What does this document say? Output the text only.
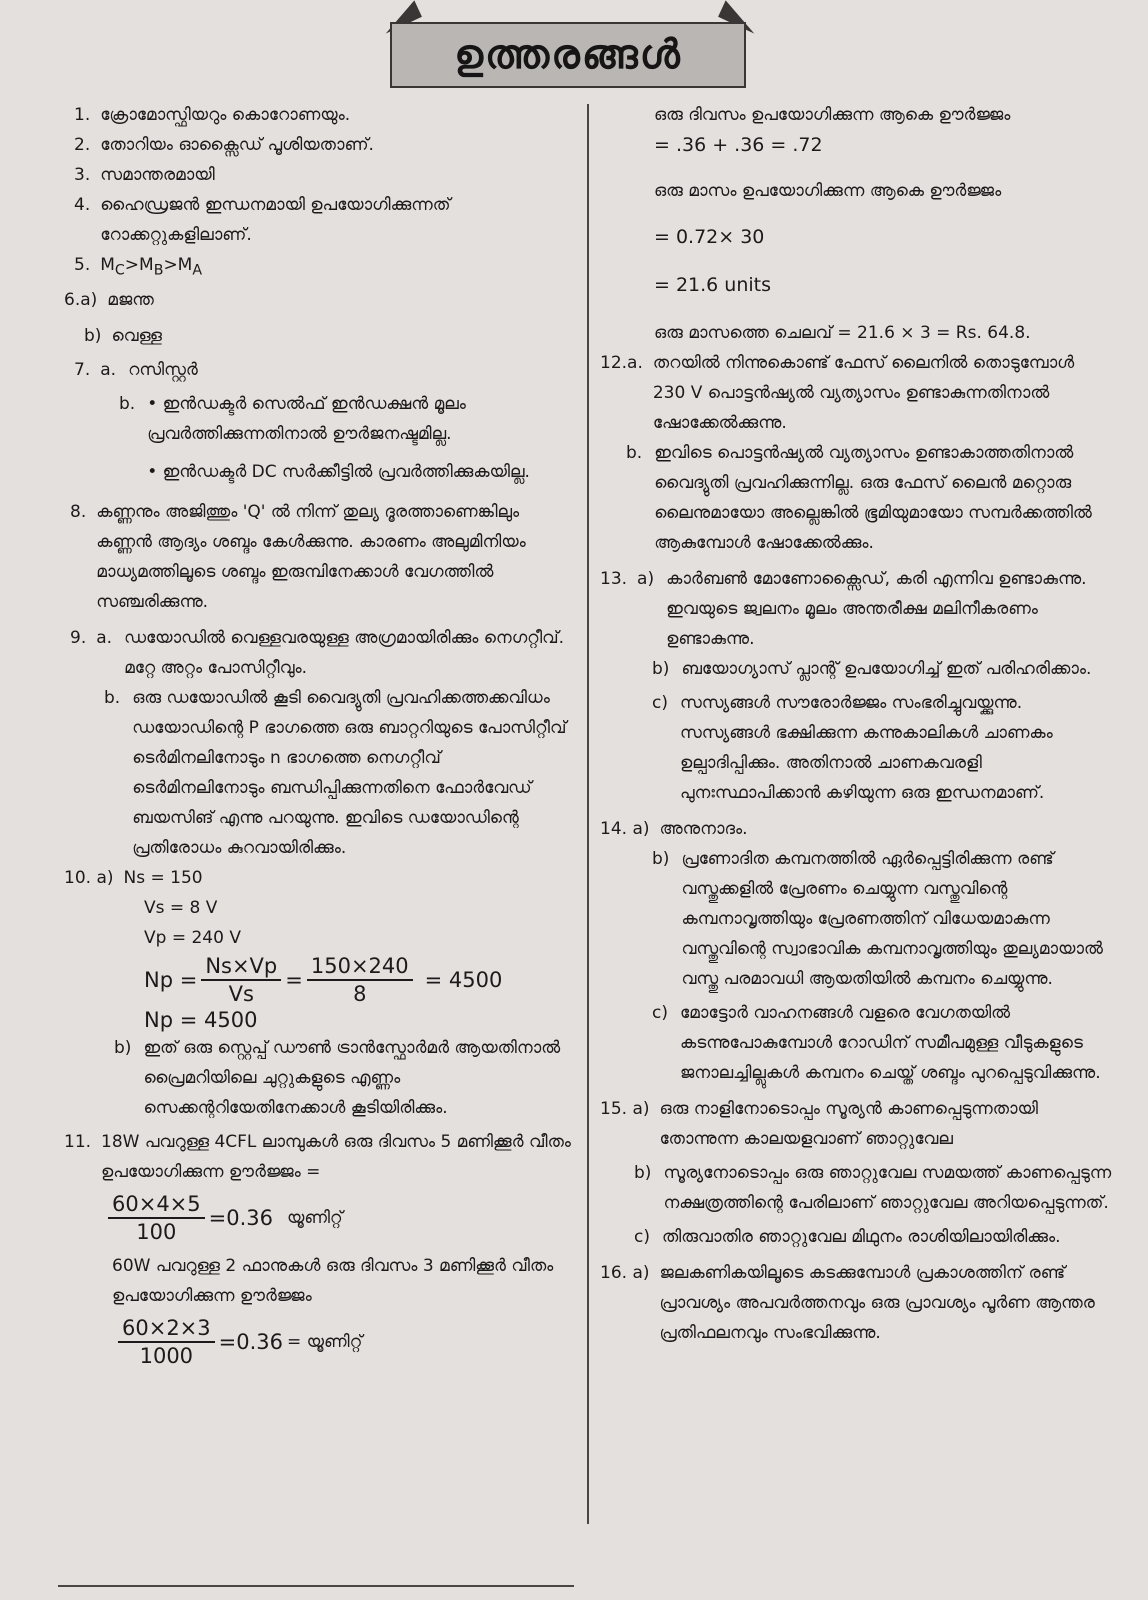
ഉത്തരങ്ങൾ
1. ക്രോമോസ്ഫിയറും കൊറോണയും.
2. തോറിയം ഓക്സൈഡ് പൂശിയതാണ്.
3. സമാന്തരമായി
4. ഹൈഡ്രജൻ ഇന്ധനമായി ഉപയോഗിക്കുന്നത് റോക്കറ്റുകളിലാണ്.
5. $M_C>M_B>M_A$
6.a) മജന്ത
b) വെള്ള
7. a. റസിസ്റ്റർ
b. • ഇൻഡക്ടർ സെൽഫ് ഇൻഡക്ഷൻ മൂലം പ്രവർത്തിക്കുന്നതിനാൽ ഊർജനഷ്ടമില്ല.

• ഇൻഡക്ടർ DC സർക്കീട്ടിൽ പ്രവർത്തിക്കുകയില്ല.

8. കണ്ണനും അജിത്തും 'Q' ൽ നിന്ന് തുല്യ ദൂരത്താണെങ്കിലും കണ്ണൻ ആദ്യം ശബ്ദം കേൾക്കുന്നു. കാരണം അലുമിനിയം മാധ്യമത്തിലൂടെ ശബ്ദം ഇരുമ്പിനേക്കാൾ വേഗത്തിൽ സഞ്ചരിക്കുന്നു.
9. a. ഡയോഡിൽ വെള്ളവരയുള്ള അഗ്രമായിരിക്കും നെഗറ്റീവ്. മറ്റേ അറ്റം പോസിറ്റീവും.
b. ഒരു ഡയോഡിൽ കൂടി വൈദ്യുതി പ്രവഹിക്കത്തക്കവിധം ഡയോഡിന്റെ P ഭാഗത്തെ ഒരു ബാറ്ററിയുടെ പോസിറ്റീവ് ടെർമിനലിനോടും n ഭാഗത്തെ നെഗറ്റീവ് ടെർമിനലിനോടും ബന്ധിപ്പിക്കുന്നതിനെ ഫോർവേഡ് ബയസിങ് എന്നു പറയുന്നു. ഇവിടെ ഡയോഡിന്റെ പ്രതിരോധം കുറവായിരിക്കും.
10. a) Ns = 150

Vs = 8 V

Vp = 240 V

$Np = \frac{Ns\times Vp}{Vs} = \frac{150\times 240}{8} = 4500$

Np = 4500

b) ഇത് ഒരു സ്റ്റെപ്പ് ഡൗൺ ട്രാൻസ്ഫോർമർ ആയതിനാൽ പ്രൈമറിയിലെ ചുറ്റുകളുടെ എണ്ണം സെക്കന്ററിയേതിനേക്കാൾ കൂടിയിരിക്കും.
11. 18W പവറുള്ള 4CFL ലാമ്പുകൾ ഒരു ദിവസം 5 മണിക്കൂർ വീതം ഉപയോഗിക്കുന്ന ഊർജ്ജം =
$\frac{60\times 4\times 5}{100} =0.36$ യൂണിറ്റ്

60W പവറുള്ള 2 ഫാനുകൾ ഒരു ദിവസം 3 മണിക്കൂർ വീതം ഉപയോഗിക്കുന്ന ഊർജ്ജം

$\frac{60\times 2\times 3}{1000} =0.36$ = യൂണിറ്റ്

ഒരു ദിവസം ഉപയോഗിക്കുന്ന ആകെ ഊർജ്ജം

= .36 + .36 = .72

ഒരു മാസം ഉപയോഗിക്കുന്ന ആകെ ഊർജ്ജം

= 0.72× 30

= 21.6 units

ഒരു മാസത്തെ ചെലവ് = 21.6 × 3 = Rs. 64.8.

12.a. തറയിൽ നിന്നുകൊണ്ട് ഫേസ് ലൈനിൽ തൊടുമ്പോൾ 230 V പൊട്ടൻഷ്യൽ വ്യത്യാസം ഉണ്ടാകുന്നതിനാൽ ഷോക്കേൽക്കുന്നു.
b. ഇവിടെ പൊട്ടൻഷ്യൽ വ്യത്യാസം ഉണ്ടാകാത്തതിനാൽ വൈദ്യുതി പ്രവഹിക്കുന്നില്ല. ഒരു ഫേസ് ലൈൻ മറ്റൊരു ലൈനുമായോ അല്ലെങ്കിൽ ഭൂമിയുമായോ സമ്പർക്കത്തിൽ ആകുമ്പോൾ ഷോക്കേൽക്കും.
13. a) കാർബൺ മോണോക്സൈഡ്, കരി എന്നിവ ഉണ്ടാകുന്നു. ഇവയുടെ ജ്വലനം മൂലം അന്തരീക്ഷ മലിനീകരണം ഉണ്ടാകുന്നു.
b) ബയോഗ്യാസ് പ്ലാന്റ് ഉപയോഗിച്ച് ഇത് പരിഹരിക്കാം.
c) സസ്യങ്ങൾ സൗരോർജ്ജം സംഭരിച്ചുവയ്ക്കുന്നു. സസ്യങ്ങൾ ഭക്ഷിക്കുന്ന കന്നുകാലികൾ ചാണകം ഉല്പാദിപ്പിക്കും. അതിനാൽ ചാണകവരളി പുനഃസ്ഥാപിക്കാൻ കഴിയുന്ന ഒരു ഇന്ധനമാണ്.
14. a) അനുനാദം.
b) പ്രണോദിത കമ്പനത്തിൽ ഏർപ്പെട്ടിരിക്കുന്ന രണ്ട് വസ്തുക്കളിൽ പ്രേരണം ചെയ്യുന്ന വസ്തുവിന്റെ കമ്പനാവൃത്തിയും പ്രേരണത്തിന് വിധേയമാകുന്ന വസ്തുവിന്റെ സ്വാഭാവിക കമ്പനാവൃത്തിയും തുല്യമായാൽ വസ്തു പരമാവധി ആയതിയിൽ കമ്പനം ചെയ്യുന്നു.
c) മോട്ടോർ വാഹനങ്ങൾ വളരെ വേഗതയിൽ കടന്നുപോകുമ്പോൾ റോഡിന് സമീപമുള്ള വീടുകളുടെ ജനാലച്ചില്ലുകൾ കമ്പനം ചെയ്ത് ശബ്ദം പുറപ്പെടുവിക്കുന്നു.
15. a) ഒരു നാളിനോടൊപ്പം സൂര്യൻ കാണപ്പെടുന്നതായി തോന്നുന്ന കാലയളവാണ് ഞാറ്റുവേല
b) സൂര്യനോടൊപ്പം ഒരു ഞാറ്റുവേല സമയത്ത് കാണപ്പെടുന്ന നക്ഷത്രത്തിന്റെ പേരിലാണ് ഞാറ്റുവേല അറിയപ്പെടുന്നത്.
c) തിരുവാതിര ഞാറ്റുവേല മിഥുനം രാശിയിലായിരിക്കും.
16. a) ജലകണികയിലൂടെ കടക്കുമ്പോൾ പ്രകാശത്തിന് രണ്ട് പ്രാവശ്യം അപവർത്തനവും ഒരു പ്രാവശ്യം പൂർണ ആന്തര പ്രതിഫലനവും സംഭവിക്കുന്നു.
